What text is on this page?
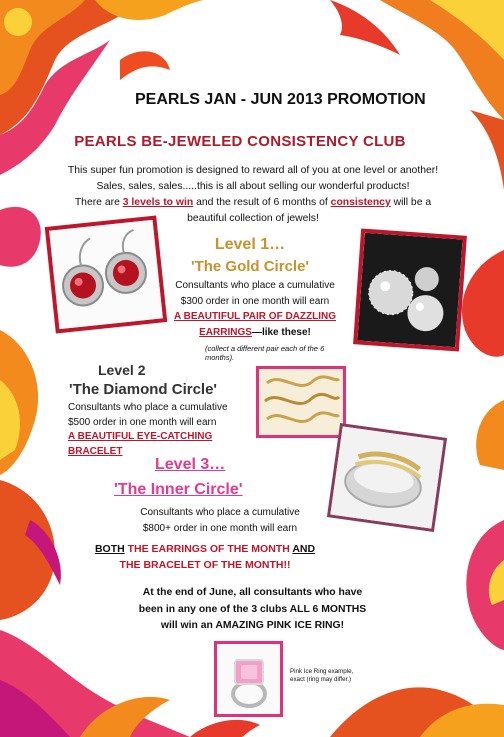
PEARLS JAN - JUN 2013 PROMOTION
PEARLS BE-JEWELED CONSISTENCY CLUB
This super fun promotion is designed to reward all of you at one level or another!
Sales, sales, sales.....this is all about selling our wonderful products!
There are 3 levels to win and the result of 6 months of consistency will be a
beautiful collection of jewels!
Level 1…
'The Gold Circle'
Consultants who place a cumulative
$300 order in one month will earn
A BEAUTIFUL PAIR OF DAZZLING
EARRINGS—like these!
(collect a different pair each of the 6 months).
Level 2
'The Diamond Circle'
Consultants who place a cumulative
$500 order in one month will earn
A BEAUTIFUL EYE-CATCHING BRACELET
Level 3…
'The Inner Circle'
Consultants who place a cumulative
$800+ order in one month will earn
BOTH THE EARRINGS OF THE MONTH AND
THE BRACELET OF THE MONTH!!
At the end of June, all consultants who have
been in any one of the 3 clubs ALL 6 MONTHS
will win an AMAZING PINK ICE RING!
Pink Ice Ring example, exact (ring may differ.)
